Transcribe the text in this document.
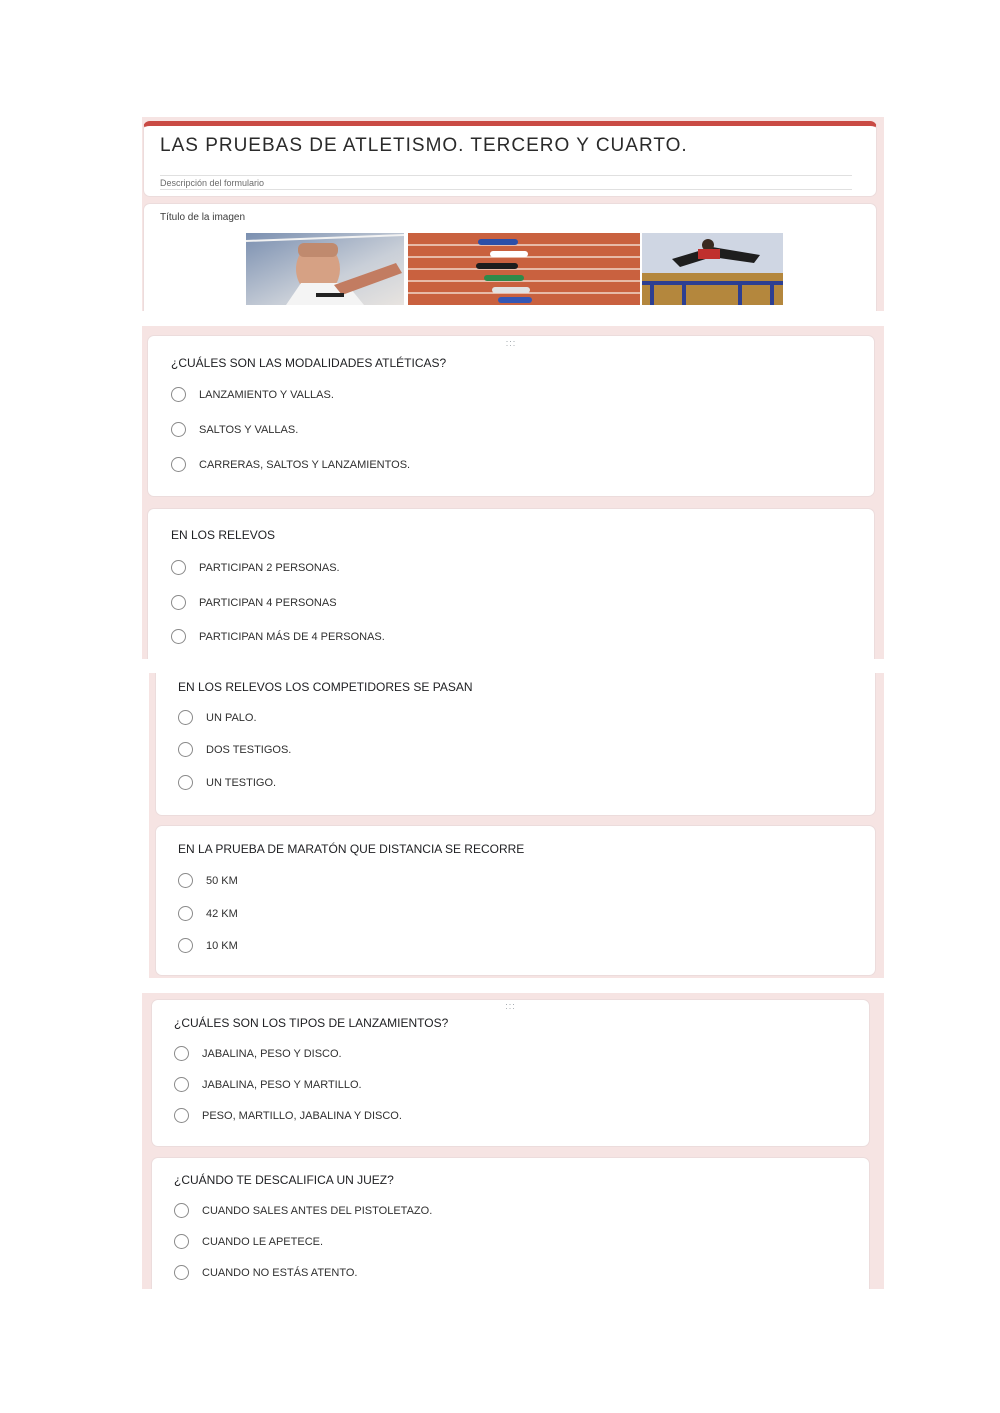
LAS PRUEBAS DE ATLETISMO. TERCERO Y CUARTO.
Descripción del formulario
Título de la imagen
:::
¿CUÁLES SON LAS MODALIDADES ATLÉTICAS?
LANZAMIENTO Y VALLAS.
SALTOS Y VALLAS.
CARRERAS, SALTOS Y LANZAMIENTOS.
EN LOS RELEVOS
PARTICIPAN 2 PERSONAS.
PARTICIPAN 4 PERSONAS
PARTICIPAN MÁS DE 4 PERSONAS.
EN LOS RELEVOS LOS COMPETIDORES SE PASAN
UN PALO.
DOS TESTIGOS.
UN TESTIGO.
EN LA PRUEBA DE MARATÓN QUE DISTANCIA SE RECORRE
50 KM
42 KM
10 KM
:::
¿CUÁLES SON LOS TIPOS DE LANZAMIENTOS?
JABALINA, PESO Y DISCO.
JABALINA, PESO Y MARTILLO.
PESO, MARTILLO, JABALINA Y DISCO.
¿CUÁNDO TE DESCALIFICA UN JUEZ?
CUANDO SALES ANTES DEL PISTOLETAZO.
CUANDO LE APETECE.
CUANDO NO ESTÁS ATENTO.
